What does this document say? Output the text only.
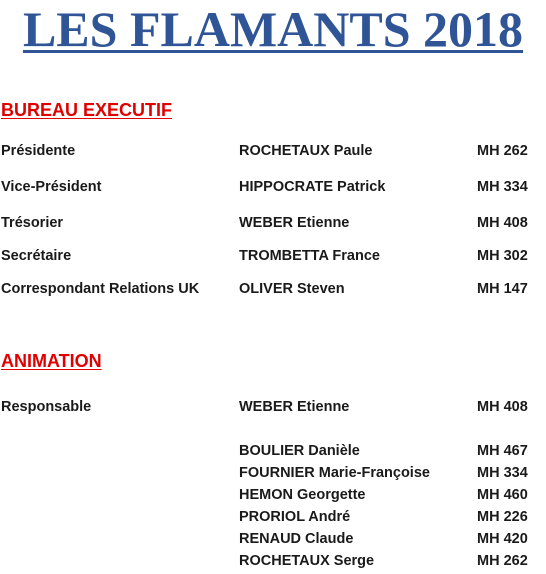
LES FLAMANTS 2018
BUREAU EXECUTIF
Présidente	ROCHETAUX Paule	MH 262
Vice-Président	HIPPOCRATE Patrick	MH 334
Trésorier	WEBER Etienne	MH 408
Secrétaire	TROMBETTA France	MH 302
Correspondant Relations UK	OLIVER Steven	MH 147
ANIMATION
Responsable	WEBER Etienne	MH 408
BOULIER Danièle	MH 467
FOURNIER Marie-Françoise	MH 334
HEMON Georgette	MH 460
PRORIOL André	MH 226
RENAUD Claude	MH 420
ROCHETAUX Serge	MH 262
